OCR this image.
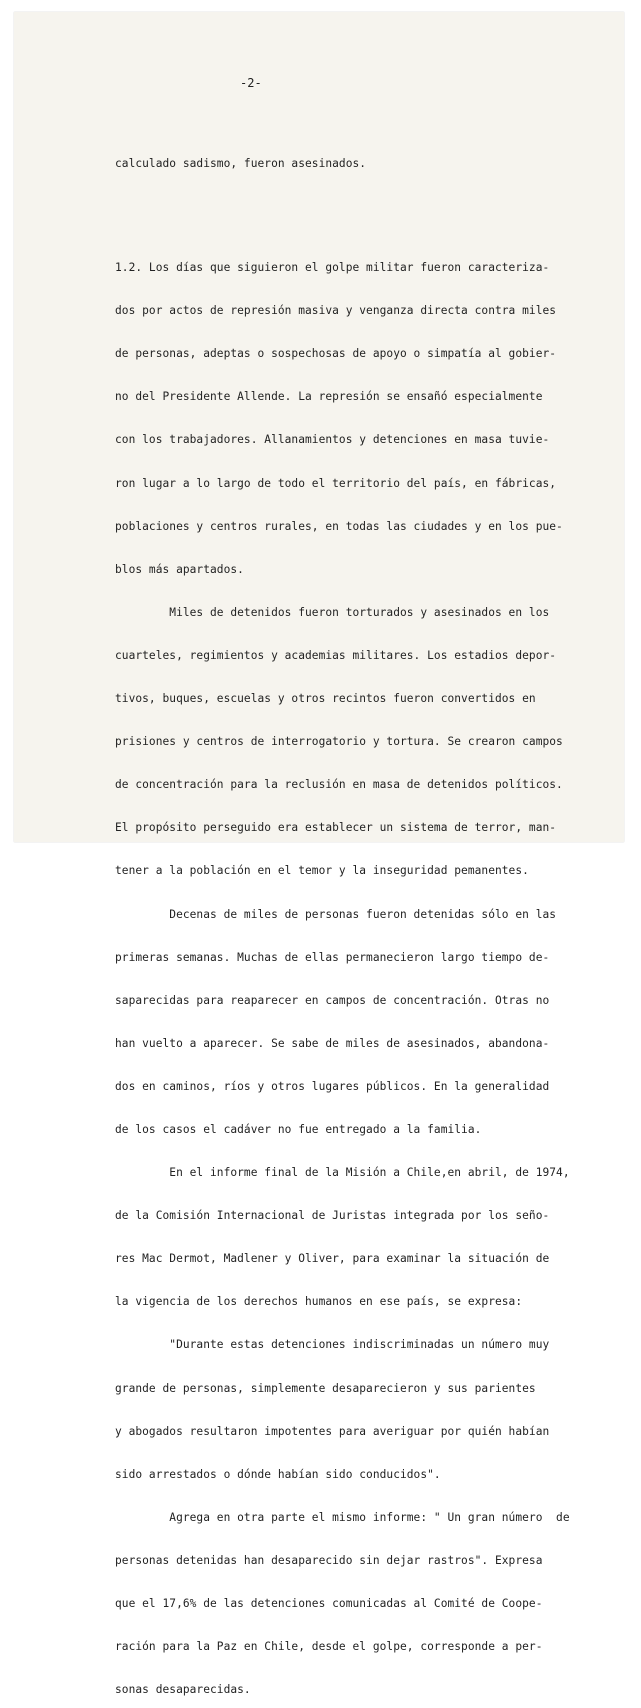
-2-

calculado sadismo, fueron asesinados.

1.2. Los días que siguieron el golpe militar fueron caracteriza-

dos por actos de represión masiva y venganza directa contra miles

de personas, adeptas o sospechosas de apoyo o simpatía al gobier-

no del Presidente Allende. La represión se ensañó especialmente

con los trabajadores. Allanamientos y detenciones en masa tuvie-

ron lugar a lo largo de todo el territorio del país, en fábricas,

poblaciones y centros rurales, en todas las ciudades y en los pue-

blos más apartados.

Miles de detenidos fueron torturados y asesinados en los

cuarteles, regimientos y academias militares. Los estadios depor-

tivos, buques, escuelas y otros recintos fueron convertidos en

prisiones y centros de interrogatorio y tortura. Se crearon campos

de concentración para la reclusión en masa de detenidos políticos.

El propósito perseguido era establecer un sistema de terror, man-

tener a la población en el temor y la inseguridad pemanentes.

Decenas de miles de personas fueron detenidas sólo en las

primeras semanas. Muchas de ellas permanecieron largo tiempo de-

saparecidas para reaparecer en campos de concentración. Otras no

han vuelto a aparecer. Se sabe de miles de asesinados, abandona-

dos en caminos, ríos y otros lugares públicos. En la generalidad

de los casos el cadáver no fue entregado a la familia.

En el informe final de la Misión a Chile,en abril, de 1974,

de la Comisión Internacional de Juristas integrada por los seño-

res Mac Dermot, Madlener y Oliver, para examinar la situación de

la vigencia de los derechos humanos en ese país, se expresa:

"Durante estas detenciones indiscriminadas un número muy

grande de personas, simplemente desaparecieron y sus parientes

y abogados resultaron impotentes para averiguar por quién habían

sido arrestados o dónde habían sido conducidos".

Agrega en otra parte el mismo informe: " Un gran número  de

personas detenidas han desaparecido sin dejar rastros". Expresa

que el 17,6% de las detenciones comunicadas al Comité de Coope-

ración para la Paz en Chile, desde el golpe, corresponde a per-

sonas desaparecidas.
